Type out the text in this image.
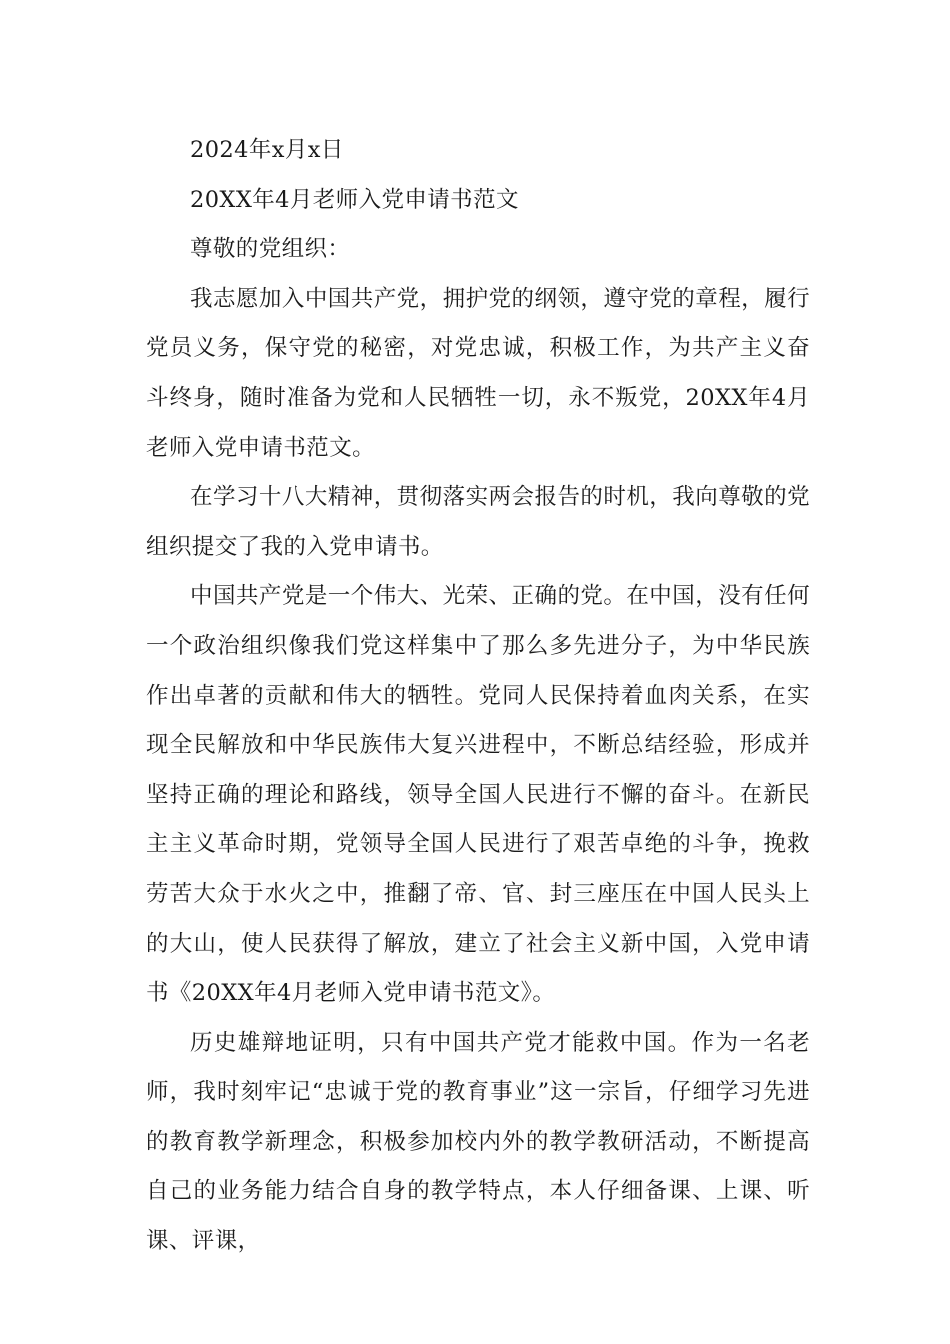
2024年x月x日

20XX年4月老师入党申请书范文

尊敬的党组织：

我志愿加入中国共产党，拥护党的纲领，遵守党的章程，履行党员义务，保守党的秘密，对党忠诚，积极工作，为共产主义奋斗终身，随时准备为党和人民牺牲一切，永不叛党，20XX年4月老师入党申请书范文。

在学习十八大精神，贯彻落实两会报告的时机，我向尊敬的党组织提交了我的入党申请书。

中国共产党是一个伟大、光荣、正确的党。在中国，没有任何一个政治组织像我们党这样集中了那么多先进分子，为中华民族作出卓著的贡献和伟大的牺牲。党同人民保持着血肉关系，在实现全民解放和中华民族伟大复兴进程中，不断总结经验，形成并坚持正确的理论和路线，领导全国人民进行不懈的奋斗。在新民主主义革命时期，党领导全国人民进行了艰苦卓绝的斗争，挽救劳苦大众于水火之中，推翻了帝、官、封三座压在中国人民头上的大山，使人民获得了解放，建立了社会主义新中国，入党申请书《20XX年4月老师入党申请书范文》。

历史雄辩地证明，只有中国共产党才能救中国。作为一名老师，我时刻牢记“忠诚于党的教育事业”这一宗旨，仔细学习先进的教育教学新理念，积极参加校内外的教学教研活动，不断提高自己的业务能力结合自身的教学特点，本人仔细备课、上课、听课、评课，
